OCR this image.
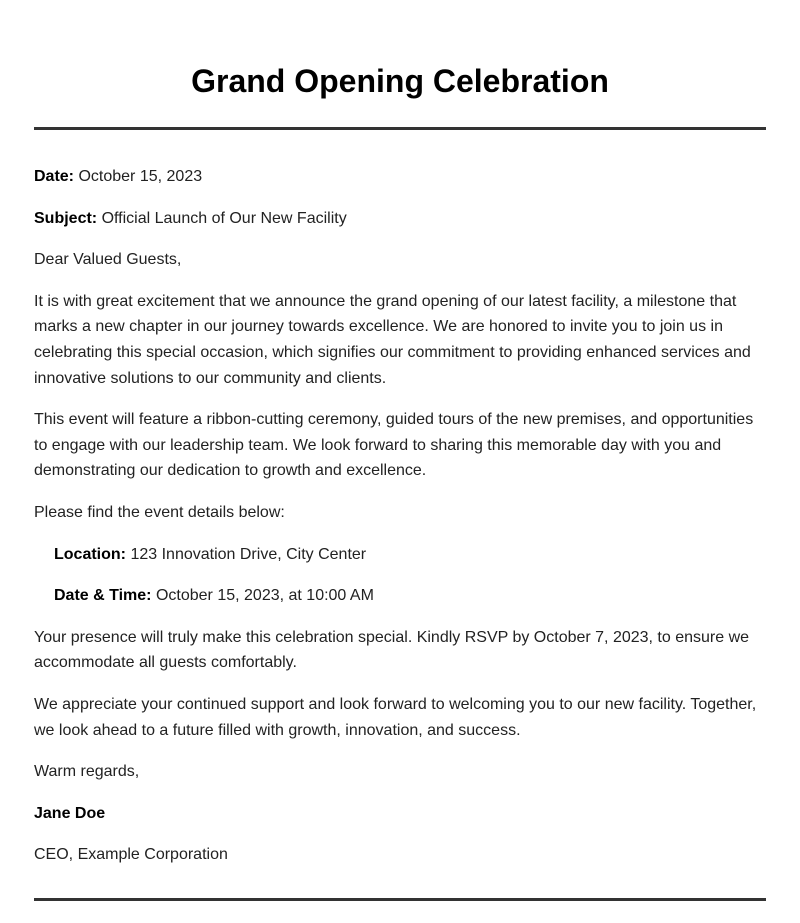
Grand Opening Celebration

Date: October 15, 2023

Subject: Official Launch of Our New Facility

Dear Valued Guests,

It is with great excitement that we announce the grand opening of our latest facility, a milestone that marks a new chapter in our journey towards excellence. We are honored to invite you to join us in celebrating this special occasion, which signifies our commitment to providing enhanced services and innovative solutions to our community and clients.

This event will feature a ribbon-cutting ceremony, guided tours of the new premises, and opportunities to engage with our leadership team. We look forward to sharing this memorable day with you and demonstrating our dedication to growth and excellence.

Please find the event details below:

Location: 123 Innovation Drive, City Center

Date & Time: October 15, 2023, at 10:00 AM

Your presence will truly make this celebration special. Kindly RSVP by October 7, 2023, to ensure we accommodate all guests comfortably.

We appreciate your continued support and look forward to welcoming you to our new facility. Together, we look ahead to a future filled with growth, innovation, and success.

Warm regards,

Jane Doe

CEO, Example Corporation
